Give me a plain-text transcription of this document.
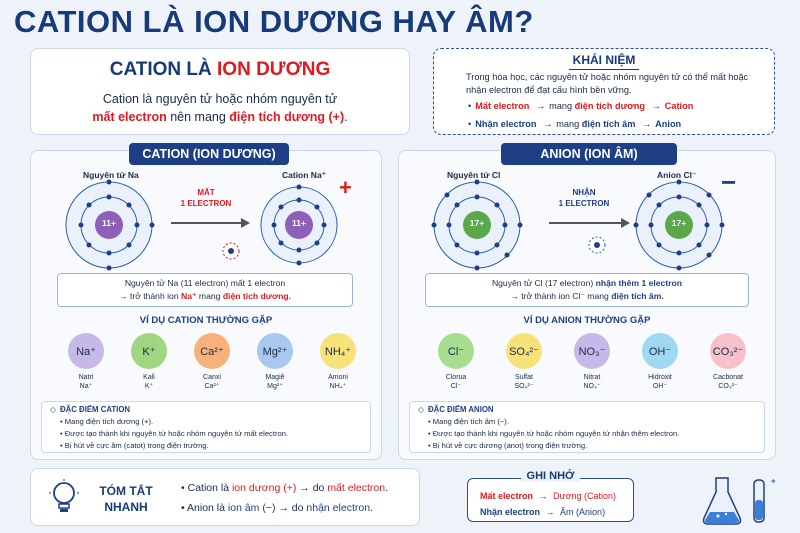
CATION LÀ ION DƯƠNG HAY ÂM?
CATION LÀ ION DƯƠNG
Cation là nguyên tử hoặc nhóm nguyên tử
mất electron nên mang điện tích dương (+).
KHÁI NIỆM
Trong hóa học, các nguyên tử hoặc nhóm nguyên tử có thể mất hoặc nhận electron để đạt cấu hình bền vững.
• Mất electron → mang điện tích dương → Cation
• Nhận electron → mang điện tích âm → Anion
CATION (ION DƯƠNG)
Nguyên tử Na	Cation Na⁺
11+	11+
MẤT
1 ELECTRON
+
Nguyên tử Na (11 electron) mất 1 electron
→ trở thành ion Na⁺ mang điện tích dương.
VÍ DỤ CATION THƯỜNG GẶP
Na⁺
Natri
Na⁺
K⁺
Kali
K⁺
Ca²⁺
Canxi
Ca²⁺
Mg²⁺
Magiê
Mg²⁺
NH₄⁺
Amoni
NH₄⁺
◇ ĐẶC ĐIỂM CATION
• Mang điện tích dương (+).
• Được tạo thành khi nguyên tử hoặc nhóm nguyên tử mất electron.
• Bị hút về cực âm (catot) trong điện trường.
ANION (ION ÂM)
Nguyên tử Cl	Anion Cl⁻
17+	17+
NHẬN
1 ELECTRON
−
Nguyên tử Cl (17 electron) nhận thêm 1 electron
→ trở thành ion Cl⁻ mang điện tích âm.
VÍ DỤ ANION THƯỜNG GẶP
Cl⁻
Clorua
Cl⁻
SO₄²⁻
Sulfat
SO₄²⁻
NO₃⁻
Nitrat
NO₃⁻
OH⁻
Hidroxit
OH⁻
CO₃²⁻
Cacbonat
CO₃²⁻
◇ ĐẶC ĐIỂM ANION
• Mang điện tích âm (−).
• Được tạo thành khi nguyên tử hoặc nhóm nguyên tử nhận thêm electron.
• Bị hút về cực dương (anot) trong điện trường.
TÓM TẮT NHANH
• Cation là ion dương (+) → do mất electron.
• Anion là ion âm (−) → do nhận electron.
GHI NHỚ
Mất electron → Dương (Cation)
Nhận electron → Âm (Anion)
✦
